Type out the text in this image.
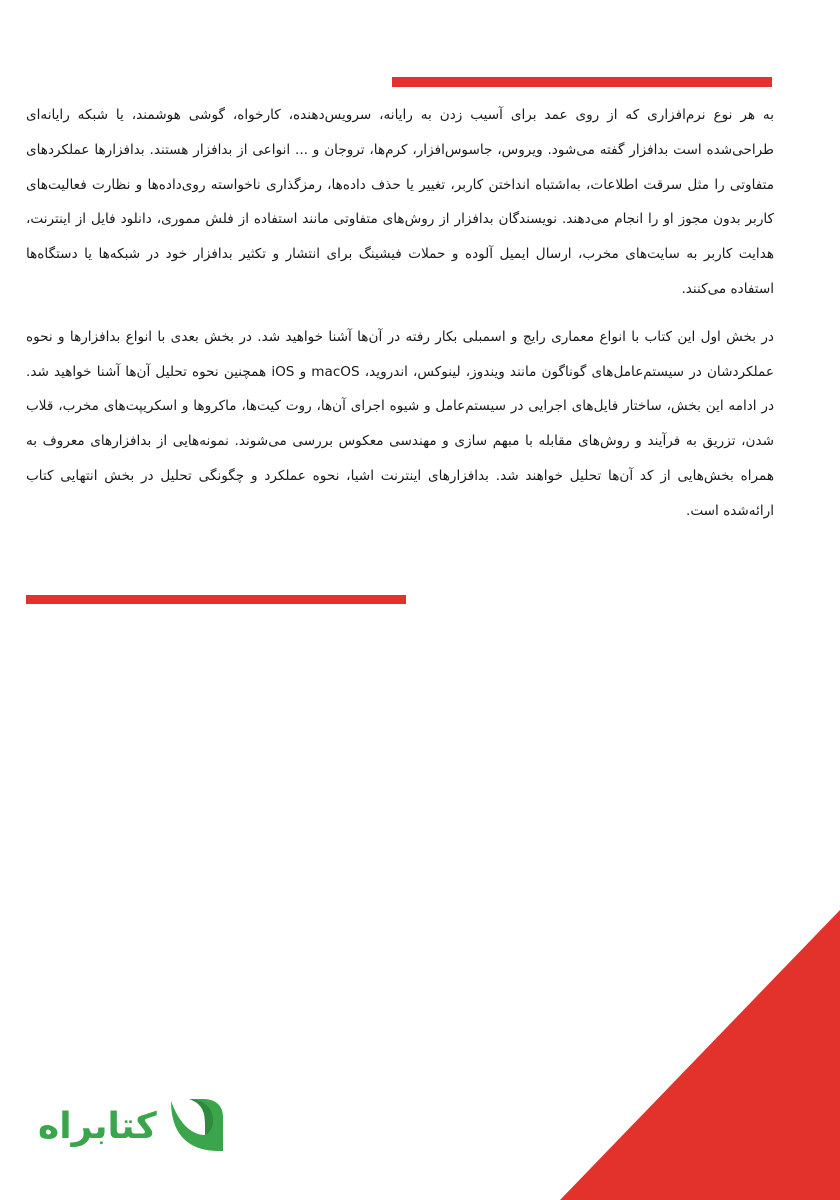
به هر نوع نرم‌افزاری که از روی عمد برای آسیب زدن به رایانه، سرویس‌دهنده، کارخواه، گوشی هوشمند، یا شبکه رایانه‌ای طراحی‌شده است بدافزار گفته می‌شود. ویروس، جاسوس‌افزار، کرم‌ها، تروجان و ... انواعی از بدافزار هستند. بدافزارها عملکردهای متفاوتی را مثل سرقت اطلاعات، به‌اشتباه انداختن کاربر، تغییر یا حذف داده‌ها، رمزگذاری ناخواسته روی‌داده‌ها و نظارت فعالیت‌های کاربر بدون مجوز او را انجام می‌دهند. نویسندگان بدافزار از روش‌های متفاوتی مانند استفاده از فلش مموری، دانلود فایل از اینترنت، هدایت کاربر به سایت‌های مخرب، ارسال ایمیل آلوده و حملات فیشینگ برای انتشار و تکثیر بدافزار خود در شبکه‌ها یا دستگاه‌ها استفاده می‌کنند.

در بخش اول این کتاب با انواع معماری رایج و اسمبلی بکار رفته در آن‌ها آشنا خواهید شد. در بخش بعدی با انواع بدافزارها و نحوه عملکردشان در سیستم‌عامل‌های گوناگون مانند ویندوز، لینوکس، اندروید، macOS و iOS همچنین نحوه تحلیل آن‌ها آشنا خواهید شد. در ادامه این بخش، ساختار فایل‌های اجرایی در سیستم‌عامل و شیوه اجرای آن‌ها، روت کیت‌ها، ماکروها و اسکریپت‌های مخرب، قلاب شدن، تزریق به فرآیند و روش‌های مقابله با مبهم سازی و مهندسی معکوس بررسی می‌شوند. نمونه‌هایی از بدافزارهای معروف به همراه بخش‌هایی از کد آن‌ها تحلیل خواهند شد. بدافزارهای اینترنت اشیا، نحوه عملکرد و چگونگی تحلیل در بخش انتهایی کتاب ارائه‌شده است.

کتابراه
